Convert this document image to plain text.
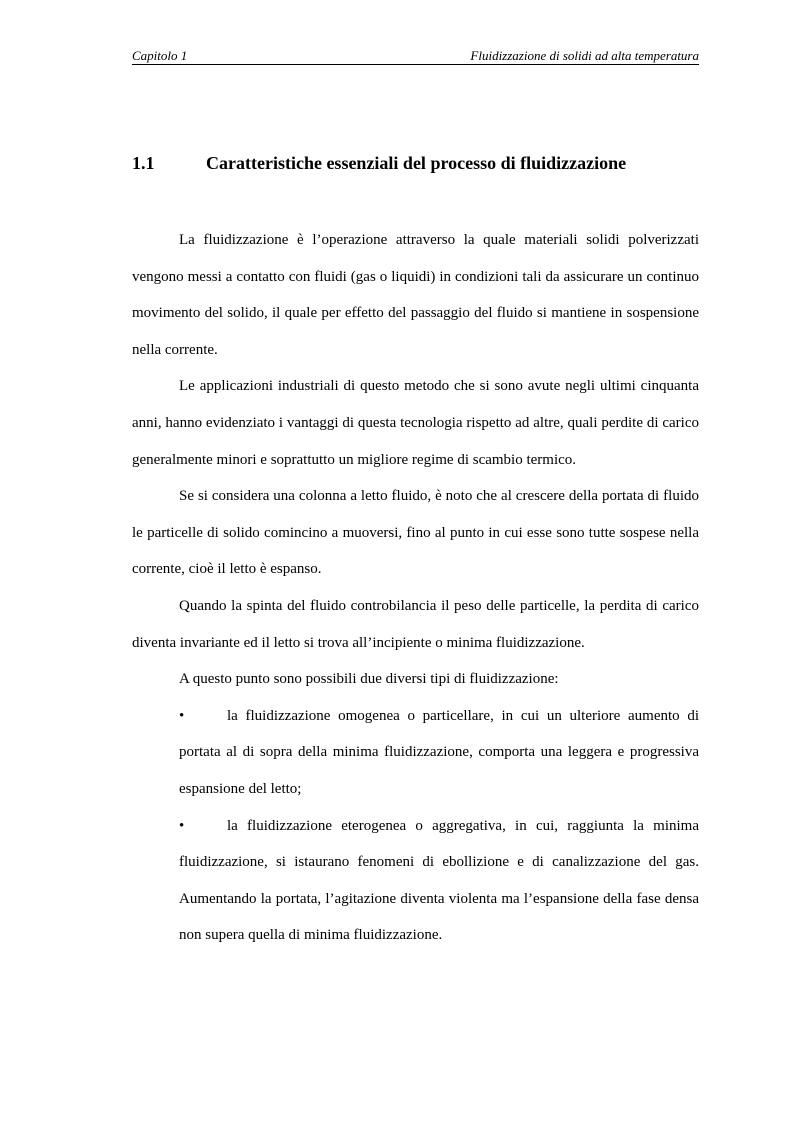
Capitolo 1	Fluidizzazione di solidi ad alta temperatura
1.1	Caratteristiche essenziali del processo di fluidizzazione

La fluidizzazione è l’operazione attraverso la quale materiali solidi polverizzati vengono messi a contatto con fluidi (gas o liquidi) in condizioni tali da assicurare un continuo movimento del solido, il quale per effetto del passaggio del fluido si mantiene in sospensione nella corrente.

Le applicazioni industriali di questo metodo che si sono avute negli ultimi cinquanta anni, hanno evidenziato i vantaggi di questa tecnologia rispetto ad altre, quali perdite di carico generalmente minori e soprattutto un migliore regime di scambio termico.

Se si considera una colonna a letto fluido, è noto che al crescere della portata di fluido le particelle di solido comincino a muoversi, fino al punto in cui esse sono tutte sospese nella corrente, cioè il letto è espanso.

Quando la spinta del fluido controbilancia il peso delle particelle, la perdita di carico diventa invariante ed il letto si trova all’incipiente o minima fluidizzazione.

A questo punto sono possibili due diversi tipi di fluidizzazione:

•	la fluidizzazione omogenea o particellare, in cui un ulteriore aumento di portata al di sopra della minima fluidizzazione, comporta una leggera e progressiva espansione del letto;
•	la fluidizzazione eterogenea o aggregativa, in cui, raggiunta la minima fluidizzazione, si istaurano fenomeni di ebollizione e di canalizzazione del gas. Aumentando la portata, l’agitazione diventa violenta ma l’espansione della fase densa non supera quella di minima fluidizzazione.
